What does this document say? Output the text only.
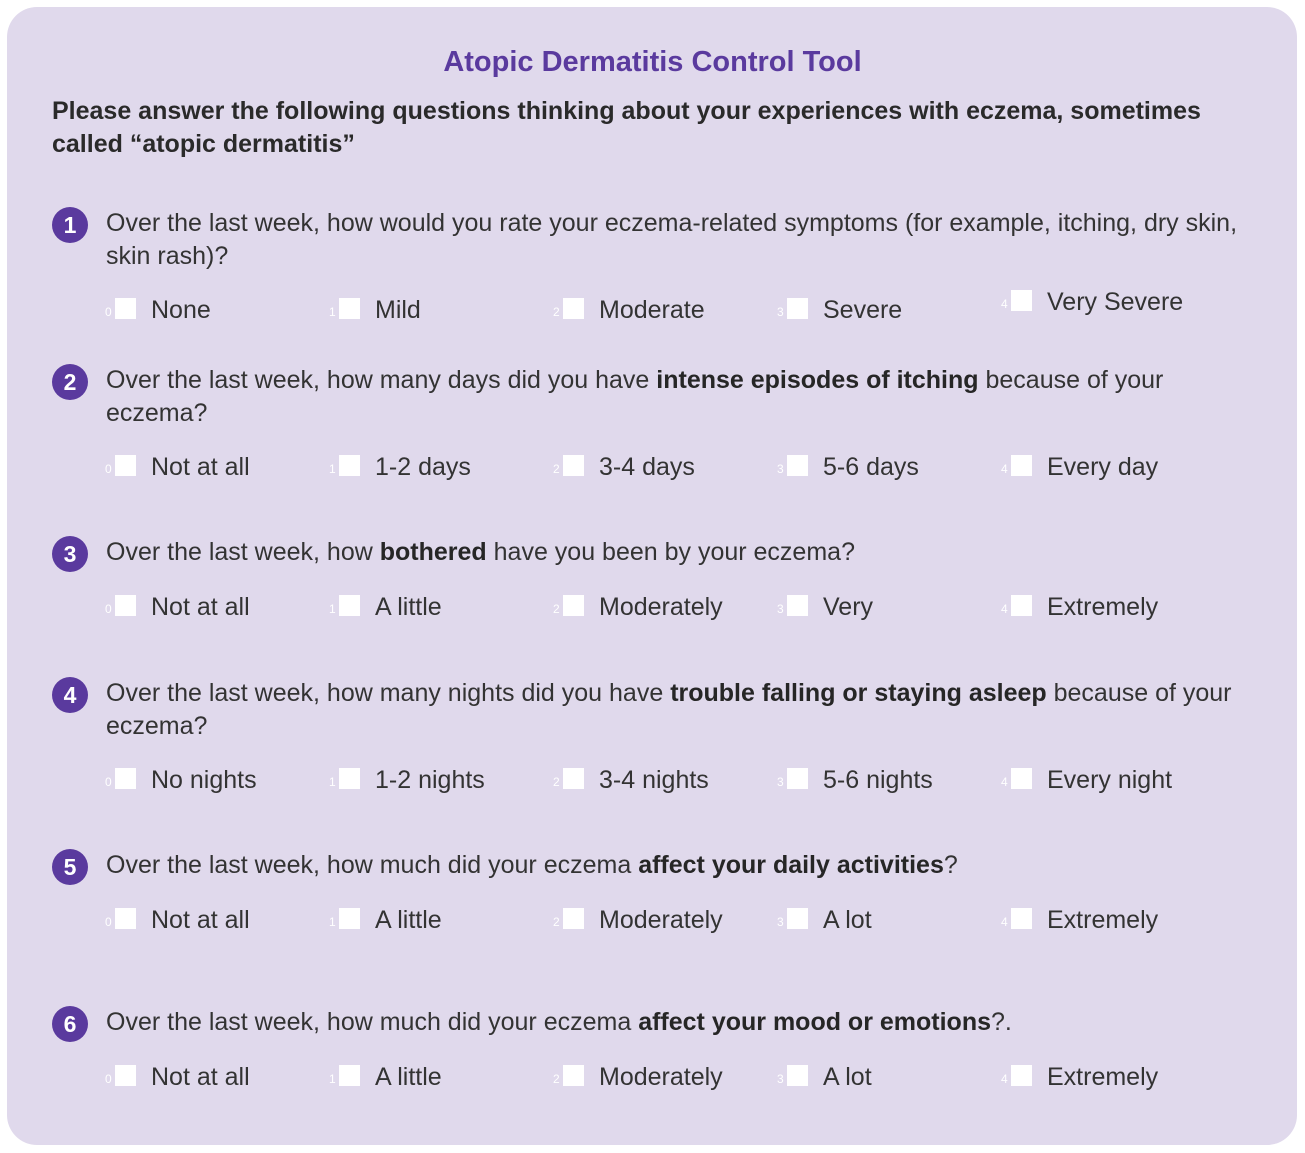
Atopic Dermatitis Control Tool
Please answer the following questions thinking about your experiences with eczema, sometimes called “atopic dermatitis”
1	Over the last week, how would you rate your eczema-related symptoms (for example, itching, dry skin, skin rash)?
0 None	1 Mild	2 Moderate	3 Severe	4 Very Severe
2	Over the last week, how many days did you have intense episodes of itching because of your eczema?
0 Not at all	1 1-2 days	2 3-4 days	3 5-6 days	4 Every day
3	Over the last week, how bothered have you been by your eczema?
0 Not at all	1 A little	2 Moderately	3 Very	4 Extremely
4	Over the last week, how many nights did you have trouble falling or staying asleep because of your eczema?
0 No nights	1 1-2 nights	2 3-4 nights	3 5-6 nights	4 Every night
5	Over the last week, how much did your eczema affect your daily activities?
0 Not at all	1 A little	2 Moderately	3 A lot	4 Extremely
6	Over the last week, how much did your eczema affect your mood or emotions?.
0 Not at all	1 A little	2 Moderately	3 A lot	4 Extremely
